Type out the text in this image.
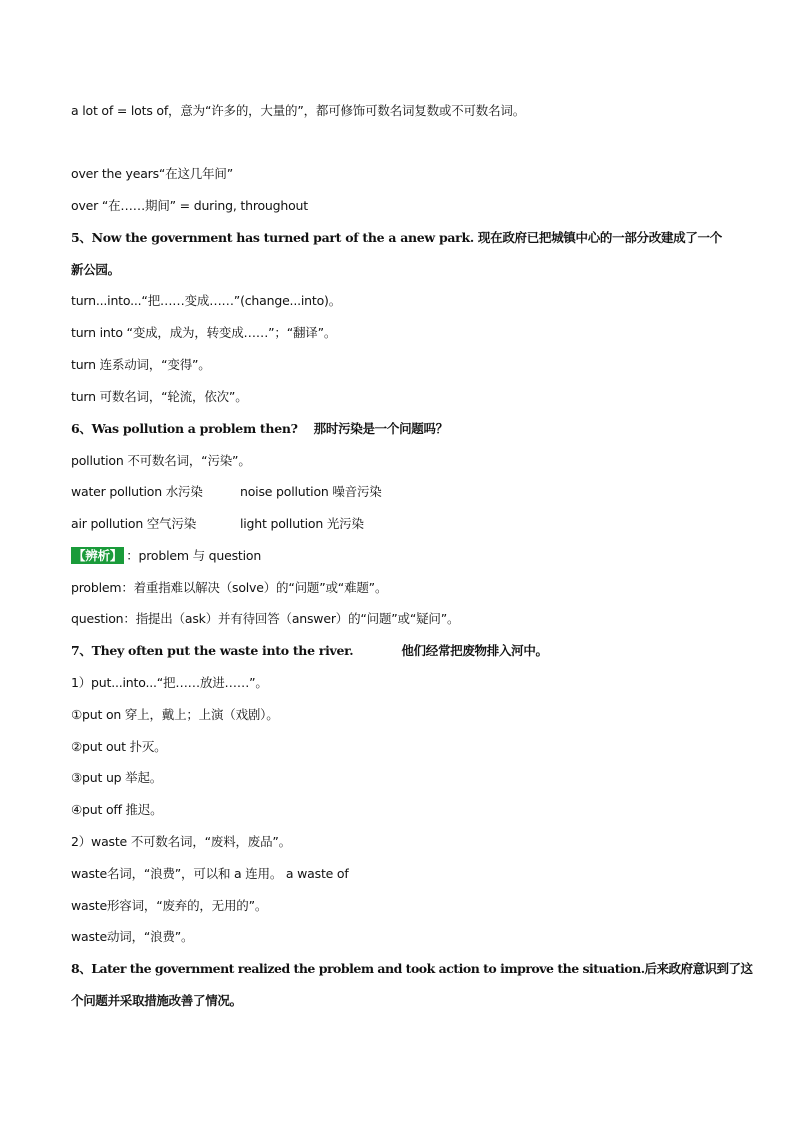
a lot of = lots of，意为“许多的，大量的”，都可修饰可数名词复数或不可数名词。
over the years“在这几年间”
over “在……期间” = during, throughout
5、Now the government has turned part of the a anew park. 现在政府已把城镇中心的一部分改建成了一个
新公园。
turn...into...“把……变成……”(change...into)。
turn into “变成，成为，转变成……”；“翻译”。
turn 连系动词，“变得”。
turn 可数名词，“轮流，依次”。
6、Was pollution a problem then? 那时污染是一个问题吗？
pollution 不可数名词，“污染”。
water pollution 水污染	noise pollution 噪音污染
air pollution 空气污染	light pollution 光污染
【辨析】 ：problem 与 question
problem：着重指难以解决（solve）的“问题”或“难题”。
question：指提出（ask）并有待回答（answer）的“问题”或“疑问”。
7、They often put the waste into the river.	他们经常把废物排入河中。
1）put...into...“把……放进……”。
①put on 穿上，戴上；上演（戏剧）。
②put out 扑灭。
③put up 举起。
④put off 推迟。
2）waste 不可数名词，“废料，废品”。
waste名词，“浪费”，可以和 a 连用。 a waste of
waste形容词，“废弃的，无用的”。
waste动词，“浪费”。
8、Later the government realized the problem and took action to improve the situation.后来政府意识到了这
个问题并采取措施改善了情况。
